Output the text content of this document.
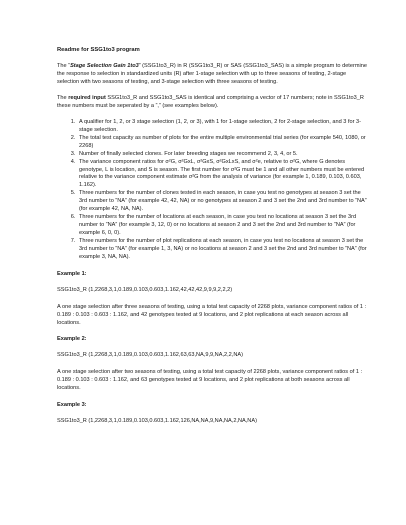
Readme for SSG1to3 program

The “Stage Selection Gain 1to3” (SSG1to3_R) in R (SSG1to3_R) or SAS (SSG1to3_SAS) is a simple program to determine the response to selection in standardized units (R) after 1-stage selection with up to three seasons of testing, 2-stage selection with two seasons of testing, and 3-stage selection with three seasons of testing.

The required input SSG1to3_R and SSG1to3_SAS is identical and comprising a vector of 17 numbers; note in SSG1to3_R these numbers must be seperated by a “,” (see examples below).

1. A qualifier for 1, 2, or 3 stage selection (1, 2, or 3), with 1 for 1-stage selection, 2 for 2-stage selection, and 3 for 3-stage selection.
2. The total test capacity as number of plots for the entire multiple environmental trial series (for example 540, 1080, or 2268)
3. Number of finally selected clones. For later breeding stages we recommend 2, 3, 4, or 5.
4. The variance component ratios for σ²G, σ²GxL, σ²GxS, σ²GxLxS, and σ²e, relative to σ²G, where G denotes genotype, L is location, and S is season. The first number for σ²G must be 1 and all other numbers must be entered relative to the variance component estimate σ²G from the analysis of variance (for example 1, 0.189, 0.103, 0.603, 1.162).
5. Three numbers for the number of clones tested in each season, in case you test no genotypes at season 3 set the 3rd number to “NA” (for example 42, 42, NA) or no genotypes at season 2 and 3 set the 2nd and 3rd number to “NA” (for example 42, NA, NA).
6. Three numbers for the number of locations at each season, in case you test no locations at season 3 set the 3rd number to “NA” (for example 3, 12, 0) or no locations at season 2 and 3 set the 2nd and 3rd number to “NA” (for example 6, 0, 0).
7. Three numbers for the number of plot replications at each season, in case you test no locations at season 3 set the 3rd number to “NA” (for example 1, 3, NA) or no locations at season 2 and 3 set the 2nd and 3rd number to “NA” (for example 3, NA, NA).
Example 1:
SSG1to3_R (1,2268,3,1,0.189,0.103,0.603,1.162,42,42,42,9,9,9,2,2,2)

A one stage selection after three seasons of testing, using a total test capacity of 2268 plots, variance component ratios of 1 : 0.189 : 0.103 : 0.603 : 1.162, and 42 genotypes tested at 9 locations, and 2 plot replications at each season across all locations.

Example 2:
SSG1to3_R (1,2268,3,1,0.189,0.103,0.603,1.162,63,63,NA,9,9,NA,2,2,NA)

A one stage selection after two seasons of testing, using a total test capacity of 2268 plots, variance component ratios of 1 : 0.189 : 0.103 : 0.603 : 1.162, and 63 genotypes tested at 9 locations, and 2 plot replications at both seasons across all locations.

Example 3:
SSG1to3_R (1,2268,3,1,0.189,0.103,0.603,1.162,126,NA,NA,9,NA,NA,2,NA,NA)
